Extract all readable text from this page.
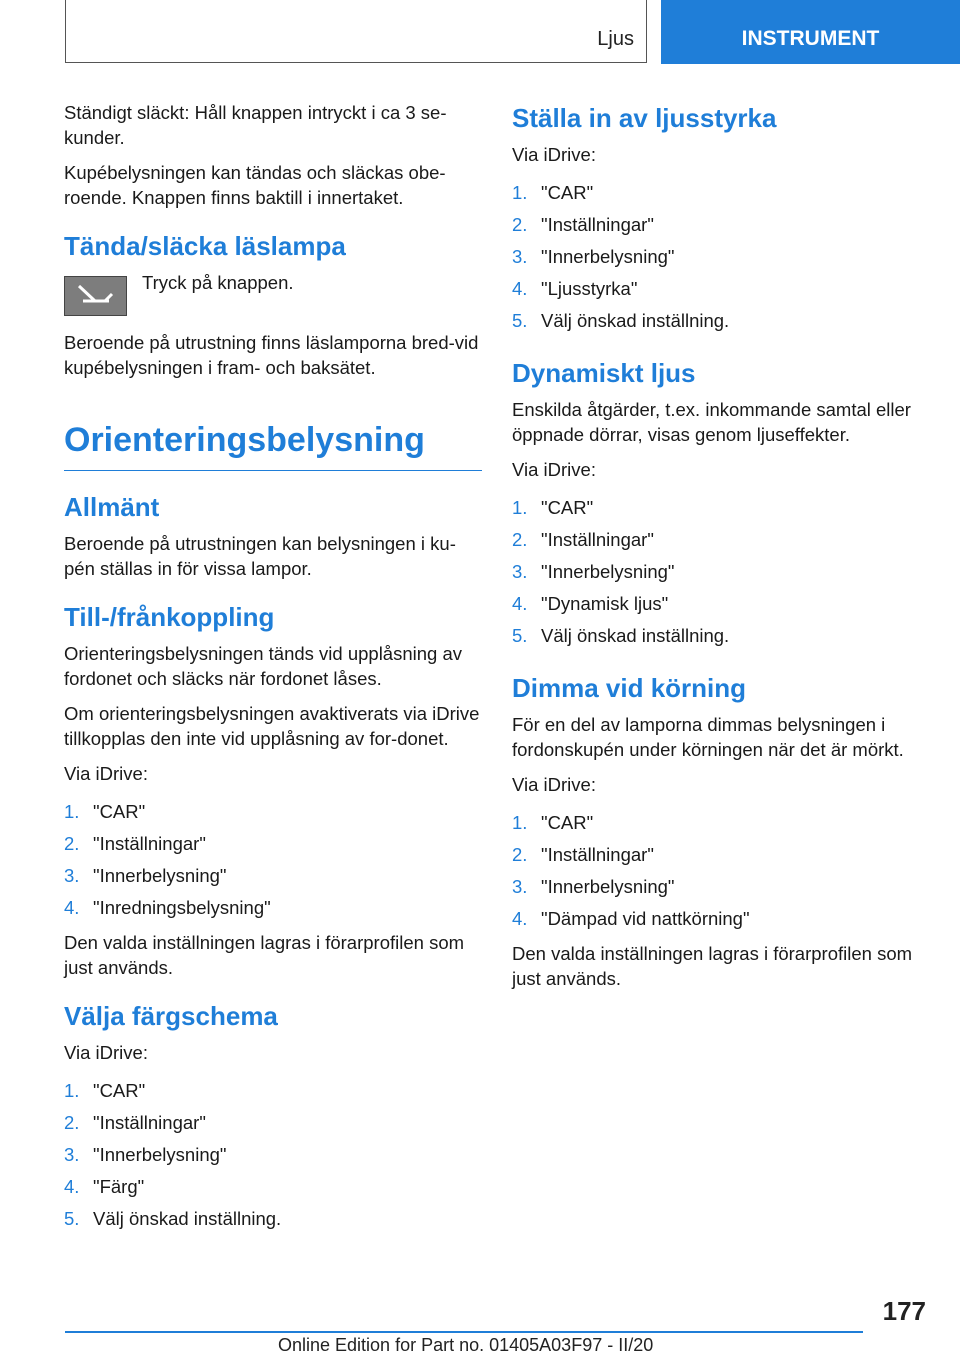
Ljus	INSTRUMENT

Ständigt släckt: Håll knappen intryckt i ca 3 se-kunder.

Kupébelysningen kan tändas och släckas obe-roende. Knappen finns baktill i innertaket.

Tända/släcka läslampa
Tryck på knappen.

Beroende på utrustning finns läslamporna bred-vid kupébelysningen i fram- och baksätet.

Orienteringsbelysning
Allmänt

Beroende på utrustningen kan belysningen i ku-pén ställas in för vissa lampor.

Till-/frånkoppling

Orienteringsbelysningen tänds vid upplåsning av fordonet och släcks när fordonet låses.

Om orienteringsbelysningen avaktiverats via iDrive tillkopplas den inte vid upplåsning av for-donet.

Via iDrive:

1. "CAR"
2. "Inställningar"
3. "Innerbelysning"
4. "Inredningsbelysning"

Den valda inställningen lagras i förarprofilen som just används.

Välja färgschema

Via iDrive:

1. "CAR"
2. "Inställningar"
3. "Innerbelysning"
4. "Färg"
5. Välj önskad inställning.
Ställa in av ljusstyrka

Via iDrive:

1. "CAR"
2. "Inställningar"
3. "Innerbelysning"
4. "Ljusstyrka"
5. Välj önskad inställning.
Dynamiskt ljus

Enskilda åtgärder, t.ex. inkommande samtal eller öppnade dörrar, visas genom ljuseffekter.

Via iDrive:

1. "CAR"
2. "Inställningar"
3. "Innerbelysning"
4. "Dynamisk ljus"
5. Välj önskad inställning.
Dimma vid körning

För en del av lamporna dimmas belysningen i fordonskupén under körningen när det är mörkt.

Via iDrive:

1. "CAR"
2. "Inställningar"
3. "Innerbelysning"
4. "Dämpad vid nattkörning"

Den valda inställningen lagras i förarprofilen som just används.

177
Online Edition for Part no. 01405A03F97 - II/20
